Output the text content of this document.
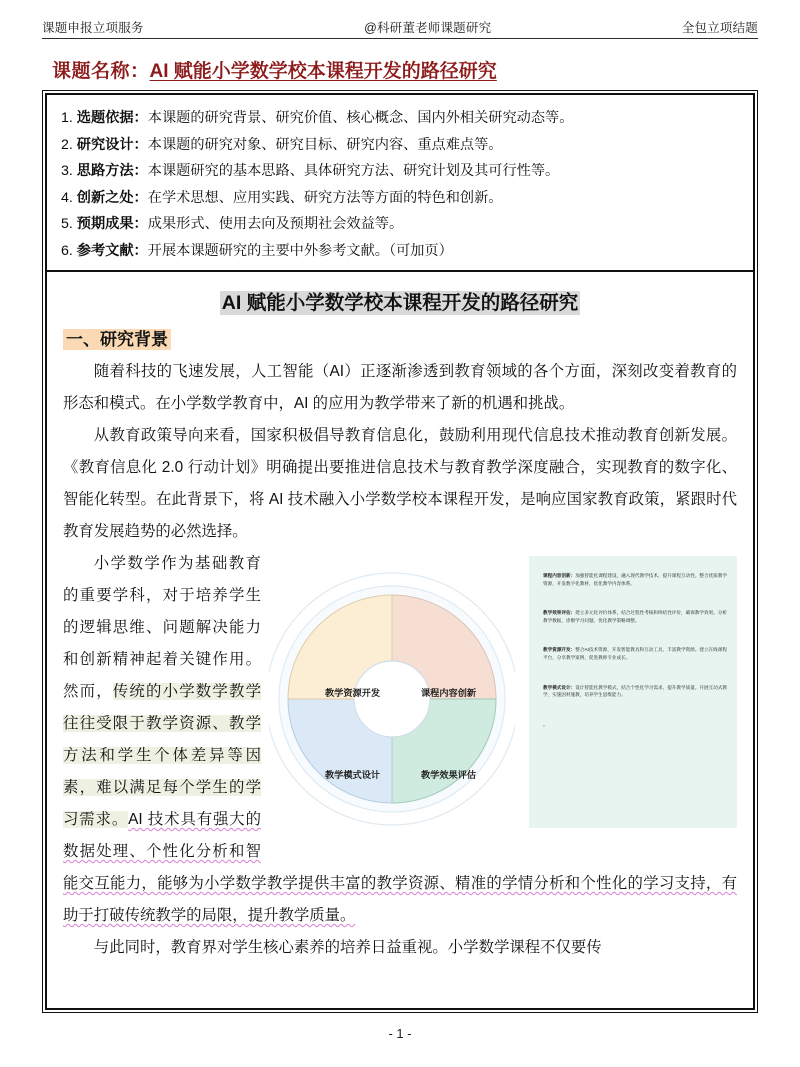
课题申报立项服务	@科研董老师课题研究	全包立项结题
课题名称：AI 赋能小学数学校本课程开发的路径研究
1. 选题依据：本课题的研究背景、研究价值、核心概念、国内外相关研究动态等。
2. 研究设计：本课题的研究对象、研究目标、研究内容、重点难点等。
3. 思路方法：本课题研究的基本思路、具体研究方法、研究计划及其可行性等。
4. 创新之处：在学术思想、应用实践、研究方法等方面的特色和创新。
5. 预期成果：成果形式、使用去向及预期社会效益等。
6. 参考文献：开展本课题研究的主要中外参考文献。（可加页）
AI 赋能小学数学校本课程开发的路径研究
一、研究背景

随着科技的飞速发展，人工智能（AI）正逐渐渗透到教育领域的各个方面，深刻改变着教育的形态和模式。在小学数学教育中，AI 的应用为教学带来了新的机遇和挑战。

从教育政策导向来看，国家积极倡导教育信息化，鼓励利用现代信息技术推动教育创新发展。《教育信息化 2.0 行动计划》明确提出要推进信息技术与教育教学深度融合，实现教育的数字化、智能化转型。在此背景下，将 AI 技术融入小学数学校本课程开发，是响应国家教育政策，紧跟时代教育发展趋势的必然选择。

教学资源开发	课程内容创新
教学模式设计	教学效果评估
课程内容创新：加强智能化课程建设，融入现代教学技术，提升课程互动性。整合优质教学资源，开发数字化教材，优化教学内容体系。
教学效果评估：建立多元化评价体系，结合过程性考核和终结性评价，确保教学效果。分析教学数据，诊断学习问题，优化教学策略调整。
教学资源开发：整合AI技术资源，开发智能教具和互动工具，丰富教学资源。建立在线课程平台，分享教学案例，促进教师专业成长。
教学模式设计：设计智能化教学模式，结合个性化学习需求，提升教学质量。开展互动式教学，实施因材施教，培养学生思维能力。
。

小学数学作为基础教育的重要学科，对于培养学生的逻辑思维、问题解决能力和创新精神起着关键作用。然而，传统的小学数学教学往往受限于教学资源、教学方法和学生个体差异等因素，难以满足每个学生的学习需求。AI 技术具有强大的数据处理、个性化分析和智能交互能力，能够为小学数学教学提供丰富的教学资源、精准的学情分析和个性化的学习支持，有助于打破传统教学的局限，提升教学质量。

与此同时，教育界对学生核心素养的培养日益重视。小学数学课程不仅要传

- 1 -
